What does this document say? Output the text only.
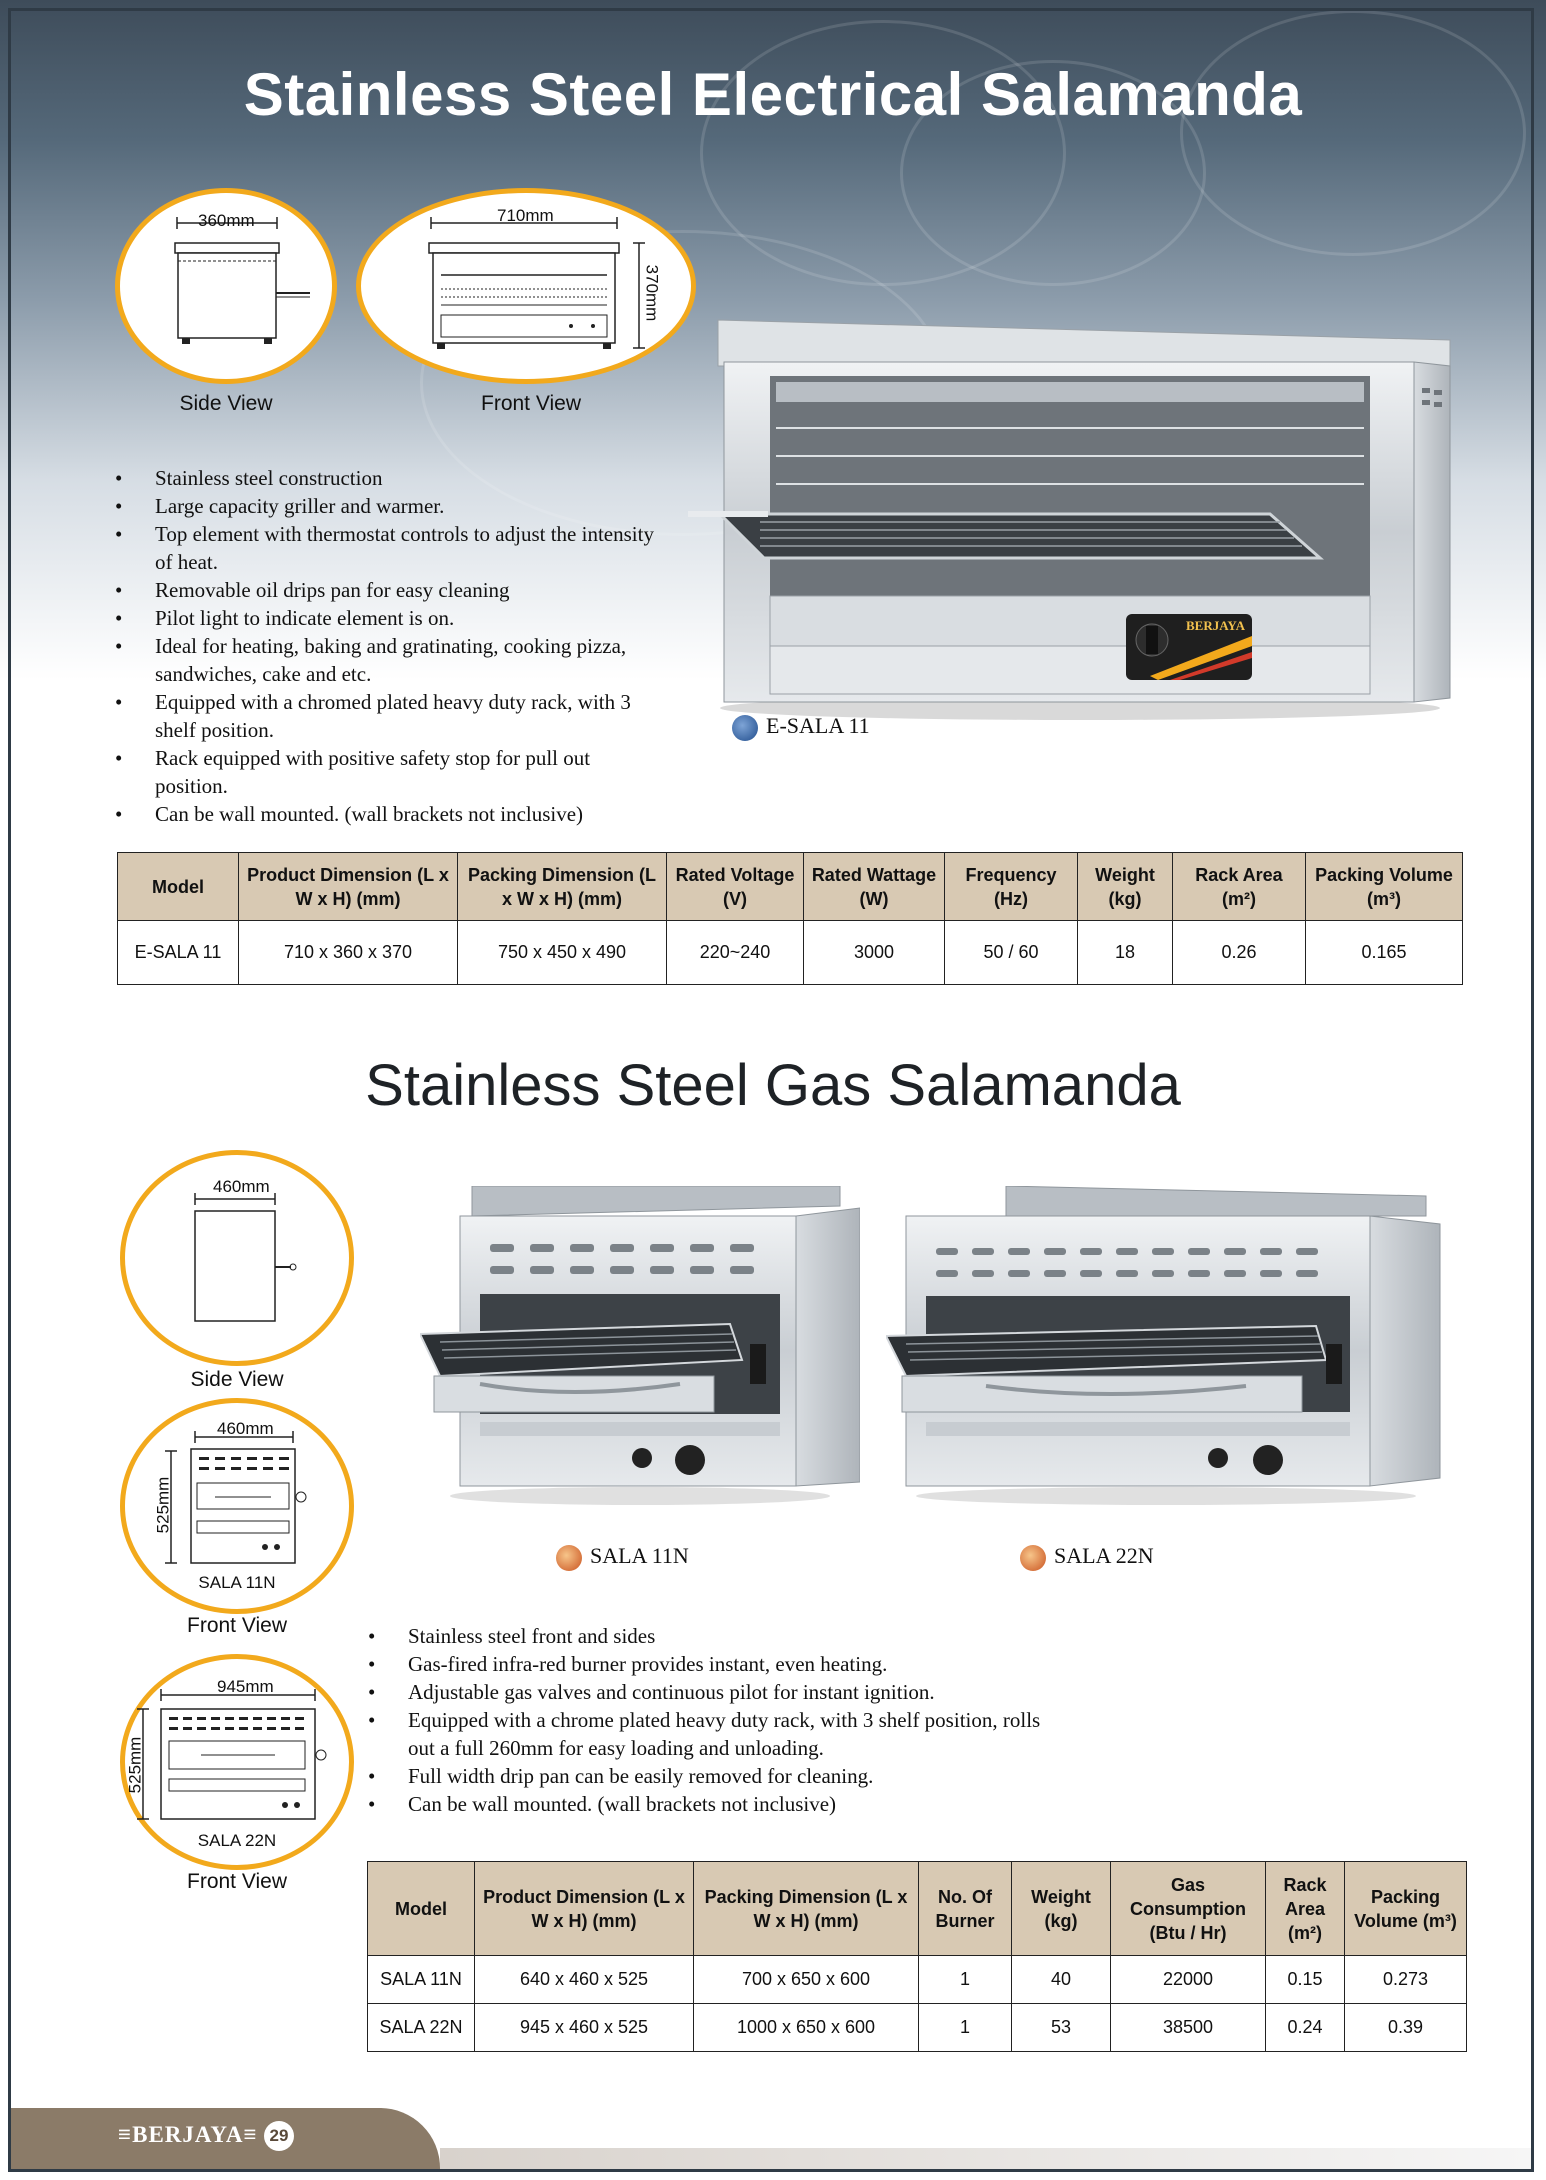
Stainless Steel Electrical Salamanda
360mm
Side View
710mm
370mm
Front View
• Stainless steel construction
• Large capacity griller and warmer.
• Top element with thermostat controls to adjust the intensity of heat.
• Removable oil drips pan for easy cleaning
• Pilot light to indicate element is on.
• Ideal for heating, baking and gratinating, cooking pizza, sandwiches, cake and etc.
• Equipped with a chromed plated heavy duty rack, with 3 shelf position.
• Rack equipped with positive safety stop for pull out position.
• Can be wall mounted. (wall brackets not inclusive)
BERJAYA
E-SALA 11
Model	Product Dimension (L x W x H) (mm)	Packing Dimension (L x W x H) (mm)	Rated Voltage (V)	Rated Wattage (W)	Frequency (Hz)	Weight (kg)	Rack Area (m²)	Packing Volume (m³)
E-SALA 11	710 x 360 x 370	750 x 450 x 490	220~240	3000	50 / 60	18	0.26	0.165
Stainless Steel Gas Salamanda
460mm
Side View
460mm
525mm
SALA 11N
Front View
945mm
525mm
SALA 22N
Front View
SALA 11N	SALA 22N
• Stainless steel front and sides
• Gas-fired infra-red burner provides instant, even heating.
• Adjustable gas valves and continuous pilot for instant ignition.
• Equipped with a chrome plated heavy duty rack, with 3 shelf position, rolls out a full 260mm for easy loading and unloading.
• Full width drip pan can be easily removed for cleaning.
• Can be wall mounted. (wall brackets not inclusive)
Model	Product Dimension (L x W x H) (mm)	Packing Dimension (L x W x H) (mm)	No. Of Burner	Weight (kg)	Gas Consumption (Btu / Hr)	Rack Area (m²)	Packing Volume (m³)
SALA 11N	640 x 460 x 525	700 x 650 x 600	1	40	22000	0.15	0.273
SALA 22N	945 x 460 x 525	1000 x 650 x 600	1	53	38500	0.24	0.39
≡BERJAYA≡ 29
